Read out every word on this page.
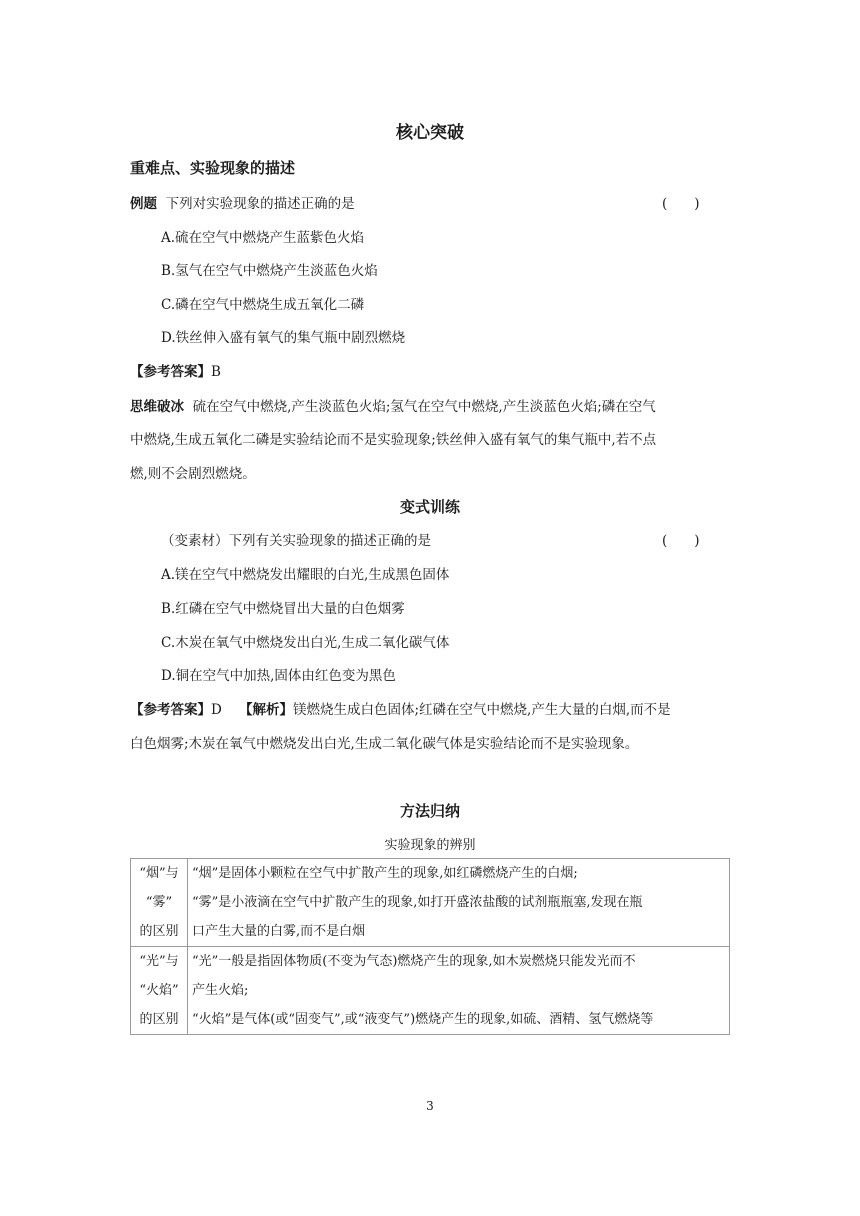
核心突破
重难点、实验现象的描述
例题 下列对实验现象的描述正确的是	(　　)
A.硫在空气中燃烧产生蓝紫色火焰
B.氢气在空气中燃烧产生淡蓝色火焰
C.磷在空气中燃烧生成五氧化二磷
D.铁丝伸入盛有氧气的集气瓶中剧烈燃烧
【参考答案】B
思维破冰 硫在空气中燃烧,产生淡蓝色火焰;氢气在空气中燃烧,产生淡蓝色火焰;磷在空气
中燃烧,生成五氧化二磷是实验结论而不是实验现象;铁丝伸入盛有氧气的集气瓶中,若不点
燃,则不会剧烈燃烧。
变式训练
（变素材）下列有关实验现象的描述正确的是	(　　)
A.镁在空气中燃烧发出耀眼的白光,生成黑色固体
B.红磷在空气中燃烧冒出大量的白色烟雾
C.木炭在氧气中燃烧发出白光,生成二氧化碳气体
D.铜在空气中加热,固体由红色变为黑色
【参考答案】D 【解析】镁燃烧生成白色固体;红磷在空气中燃烧,产生大量的白烟,而不是
白色烟雾;木炭在氧气中燃烧发出白光,生成二氧化碳气体是实验结论而不是实验现象。
方法归纳
实验现象的辨别
“烟”与
“雾”
的区别	“烟”是固体小颗粒在空气中扩散产生的现象,如红磷燃烧产生的白烟;
“雾”是小液滴在空气中扩散产生的现象,如打开盛浓盐酸的试剂瓶瓶塞,发现在瓶
口产生大量的白雾,而不是白烟

“光”与
“火焰”
的区别	“光”一般是指固体物质(不变为气态)燃烧产生的现象,如木炭燃烧只能发光而不
产生火焰;
“火焰”是气体(或“固变气”,或“液变气”)燃烧产生的现象,如硫、酒精、氢气燃烧等
3
